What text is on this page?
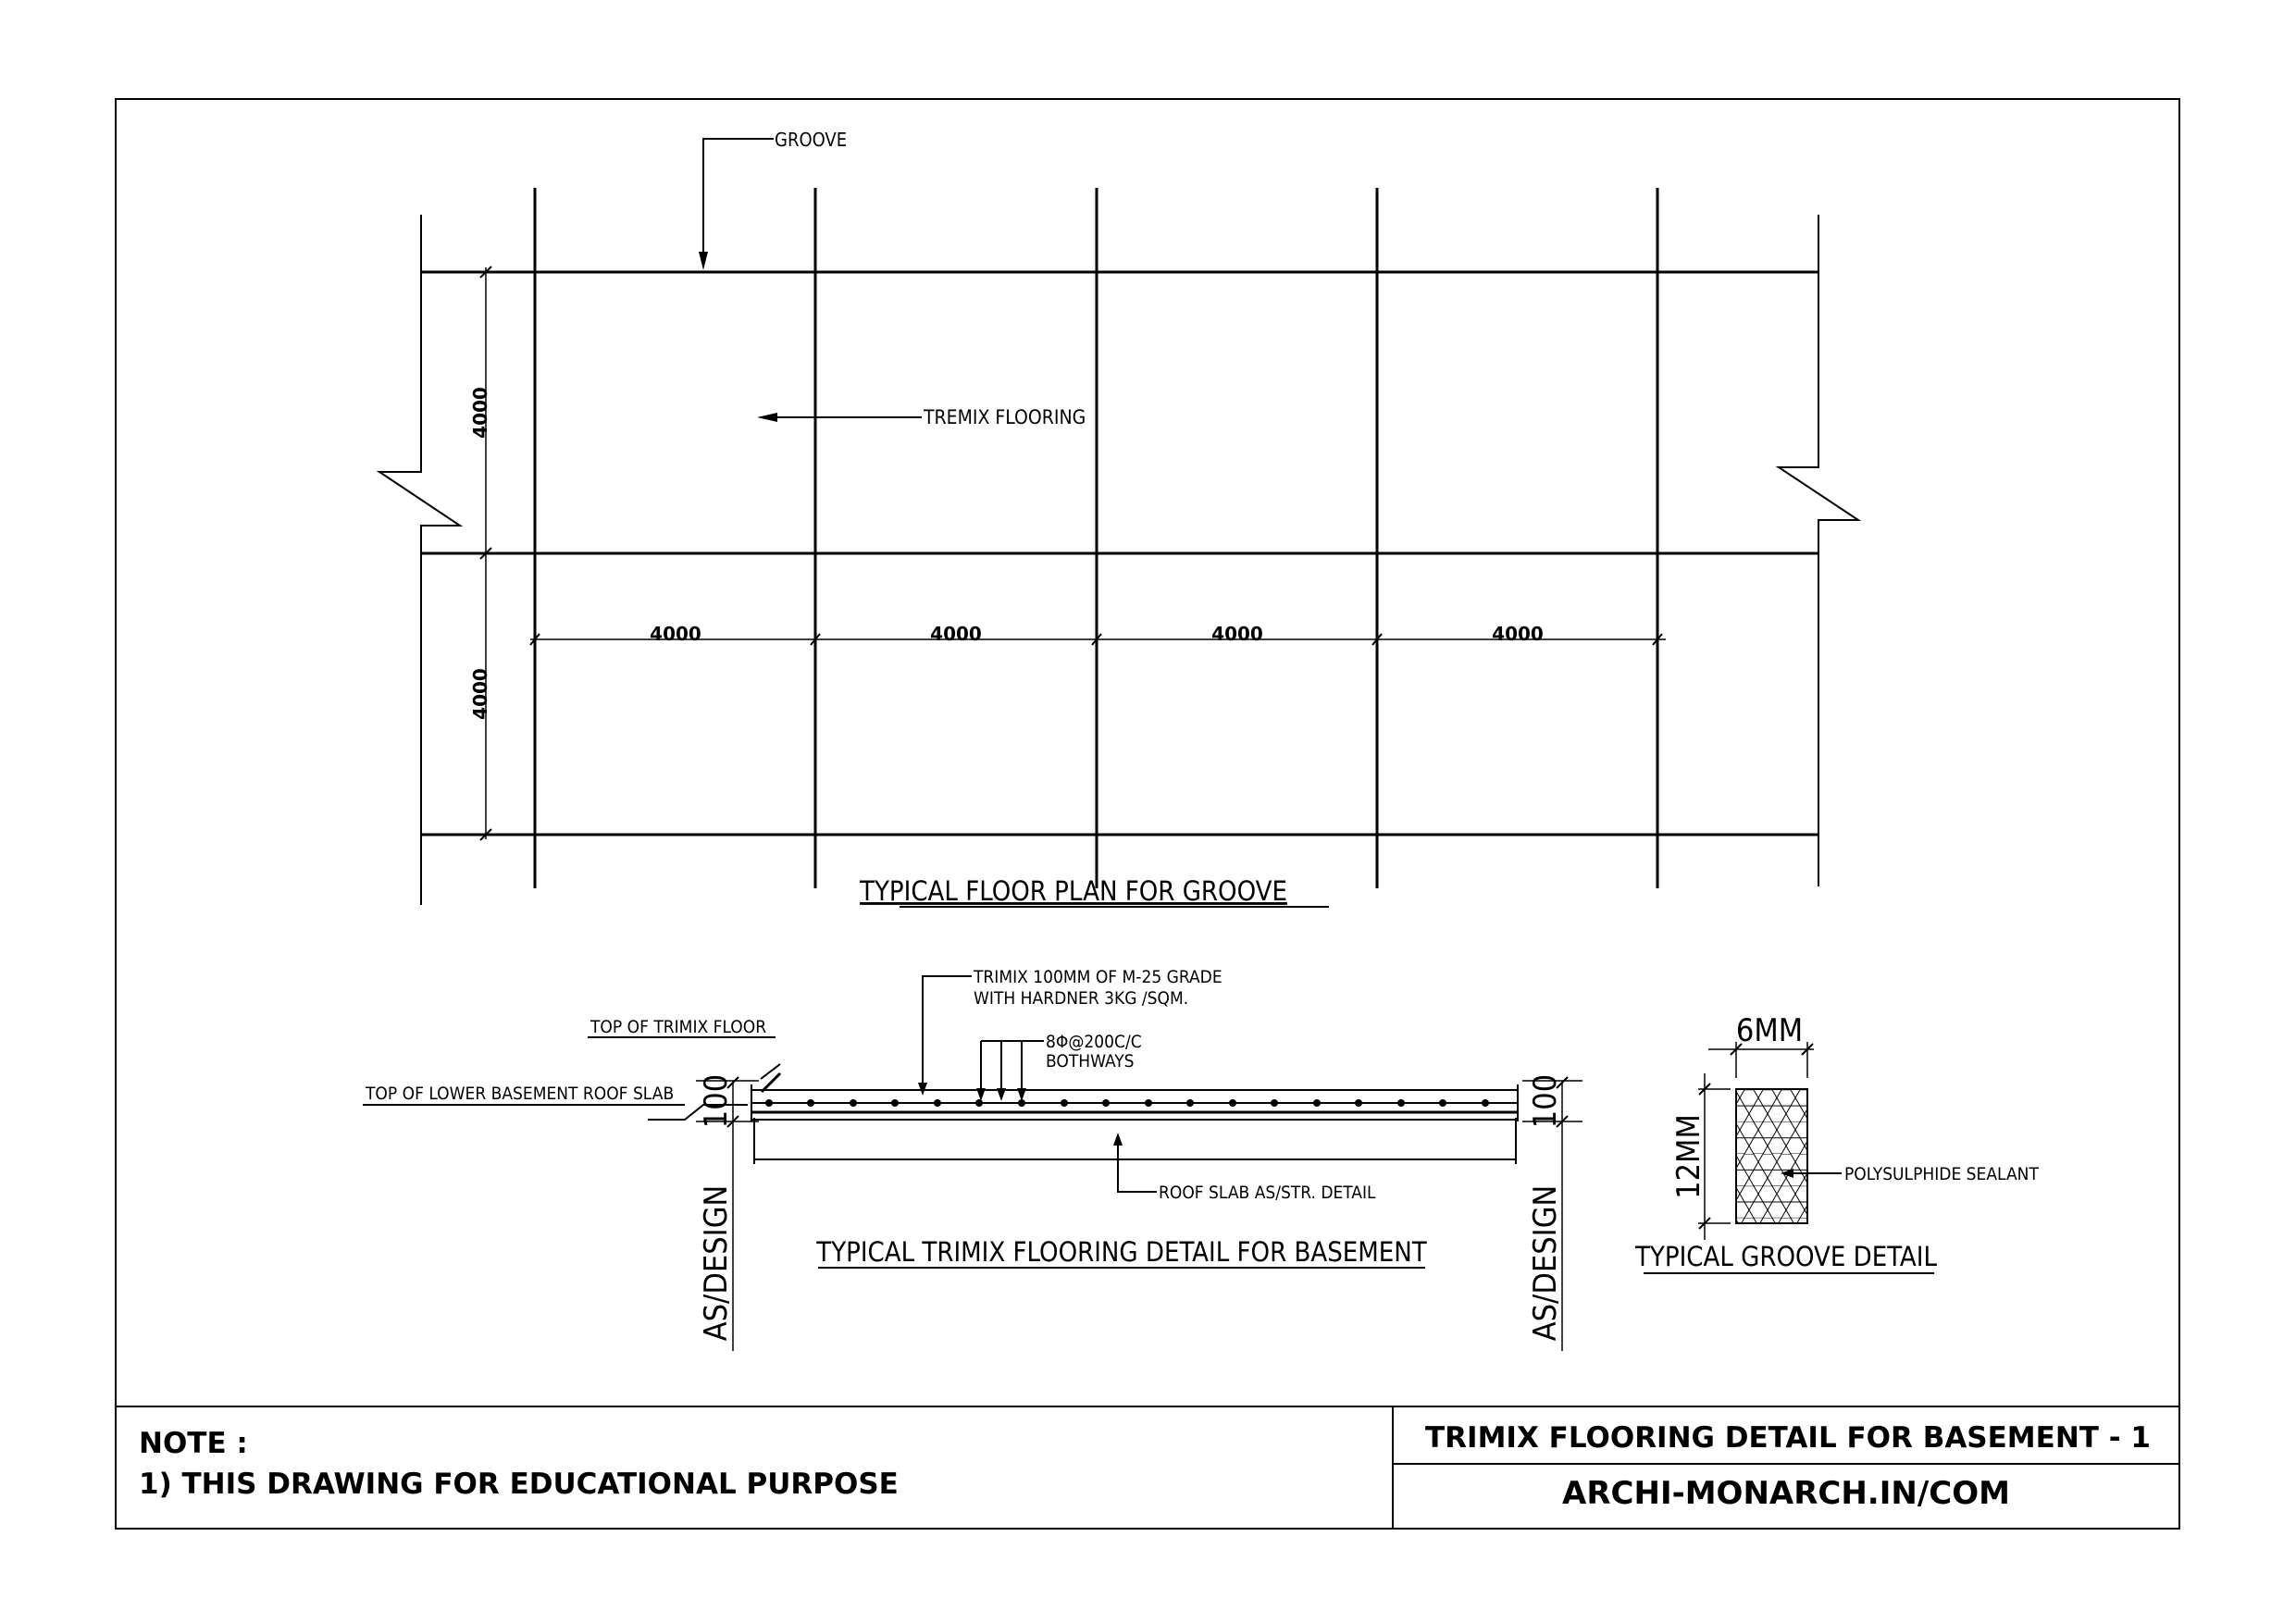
GROOVE
TREMIX FLOORING
4000	4000	4000	4000
4000
4000
TYPICAL FLOOR PLAN FOR GROOVE
TRIMIX 100MM OF M-25 GRADE
WITH HARDNER 3KG /SQM.
8Φ@200C/C
BOTHWAYS
TOP OF TRIMIX FLOOR
TOP OF LOWER BASEMENT ROOF SLAB 100
AS/DESIGN
100
AS/DESIGN
ROOF SLAB AS/STR. DETAIL
TYPICAL TRIMIX FLOORING DETAIL FOR BASEMENT
6MM
12MM	POLYSULPHIDE SEALANT
TYPICAL GROOVE DETAIL
NOTE :
1) THIS DRAWING FOR EDUCATIONAL PURPOSE
TRIMIX FLOORING DETAIL FOR BASEMENT - 1
ARCHI-MONARCH.IN/COM
